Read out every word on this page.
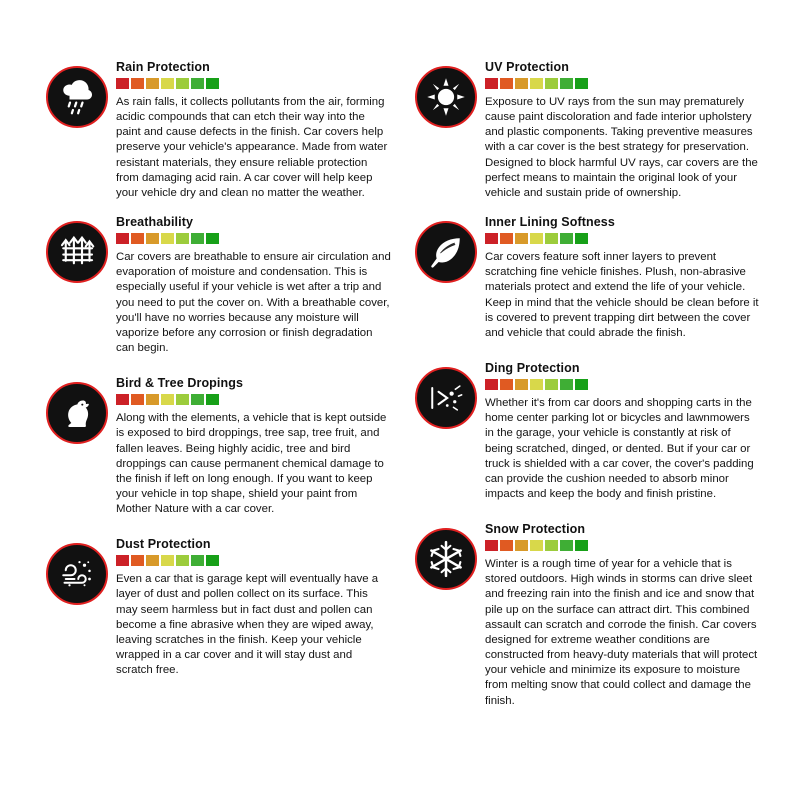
Rain Protection

As rain falls, it collects pollutants from the air, forming acidic compounds that can etch their way into the paint and cause defects in the finish. Car covers help preserve your vehicle's appearance. Made from water resistant materials, they ensure reliable protection from damaging acid rain. A car cover will help keep your vehicle dry and clean no matter the weather.

Breathability

Car covers are breathable to ensure air circulation and evaporation of moisture and condensation. This is especially useful if your vehicle is wet after a trip and you need to put the cover on. With a breathable cover, you'll have no worries because any moisture will vaporize before any corrosion or finish degradation can begin.

Bird & Tree Dropings

Along with the elements, a vehicle that is kept outside is exposed to bird droppings, tree sap, tree fruit, and fallen leaves. Being highly acidic, tree and bird droppings can cause permanent chemical damage to the finish if left on long enough. If you want to keep your vehicle in top shape, shield your paint from Mother Nature with a car cover.

Dust Protection

Even a car that is garage kept will eventually have a layer of dust and pollen collect on its surface. This may seem harmless but in fact dust and pollen can become a fine abrasive when they are wiped away, leaving scratches in the finish. Keep your vehicle wrapped in a car cover and it will stay dust and scratch free.

UV Protection

Exposure to UV rays from the sun may prematurely cause paint discoloration and fade interior upholstery and plastic components. Taking preventive measures with a car cover is the best strategy for preservation. Designed to block harmful UV rays, car covers are the perfect means to maintain the original look of your vehicle and sustain pride of ownership.

Inner Lining Softness

Car covers feature soft inner layers to prevent scratching fine vehicle finishes. Plush, non-abrasive materials protect and extend the life of your vehicle. Keep in mind that the vehicle should be clean before it is covered to prevent trapping dirt between the cover and vehicle that could abrade the finish.

Ding Protection

Whether it's from car doors and shopping carts in the home center parking lot or bicycles and lawnmowers in the garage, your vehicle is constantly at risk of being scratched, dinged, or dented. But if your car or truck is shielded with a car cover, the cover's padding can provide the cushion needed to absorb minor impacts and keep the body and finish pristine.

Snow Protection

Winter is a rough time of year for a vehicle that is stored outdoors. High winds in storms can drive sleet and freezing rain into the finish and ice and snow that pile up on the surface can attract dirt. This combined assault can scratch and corrode the finish. Car covers designed for extreme weather conditions are constructed from heavy-duty materials that will protect your vehicle and minimize its exposure to moisture from melting snow that could collect and damage the finish.
